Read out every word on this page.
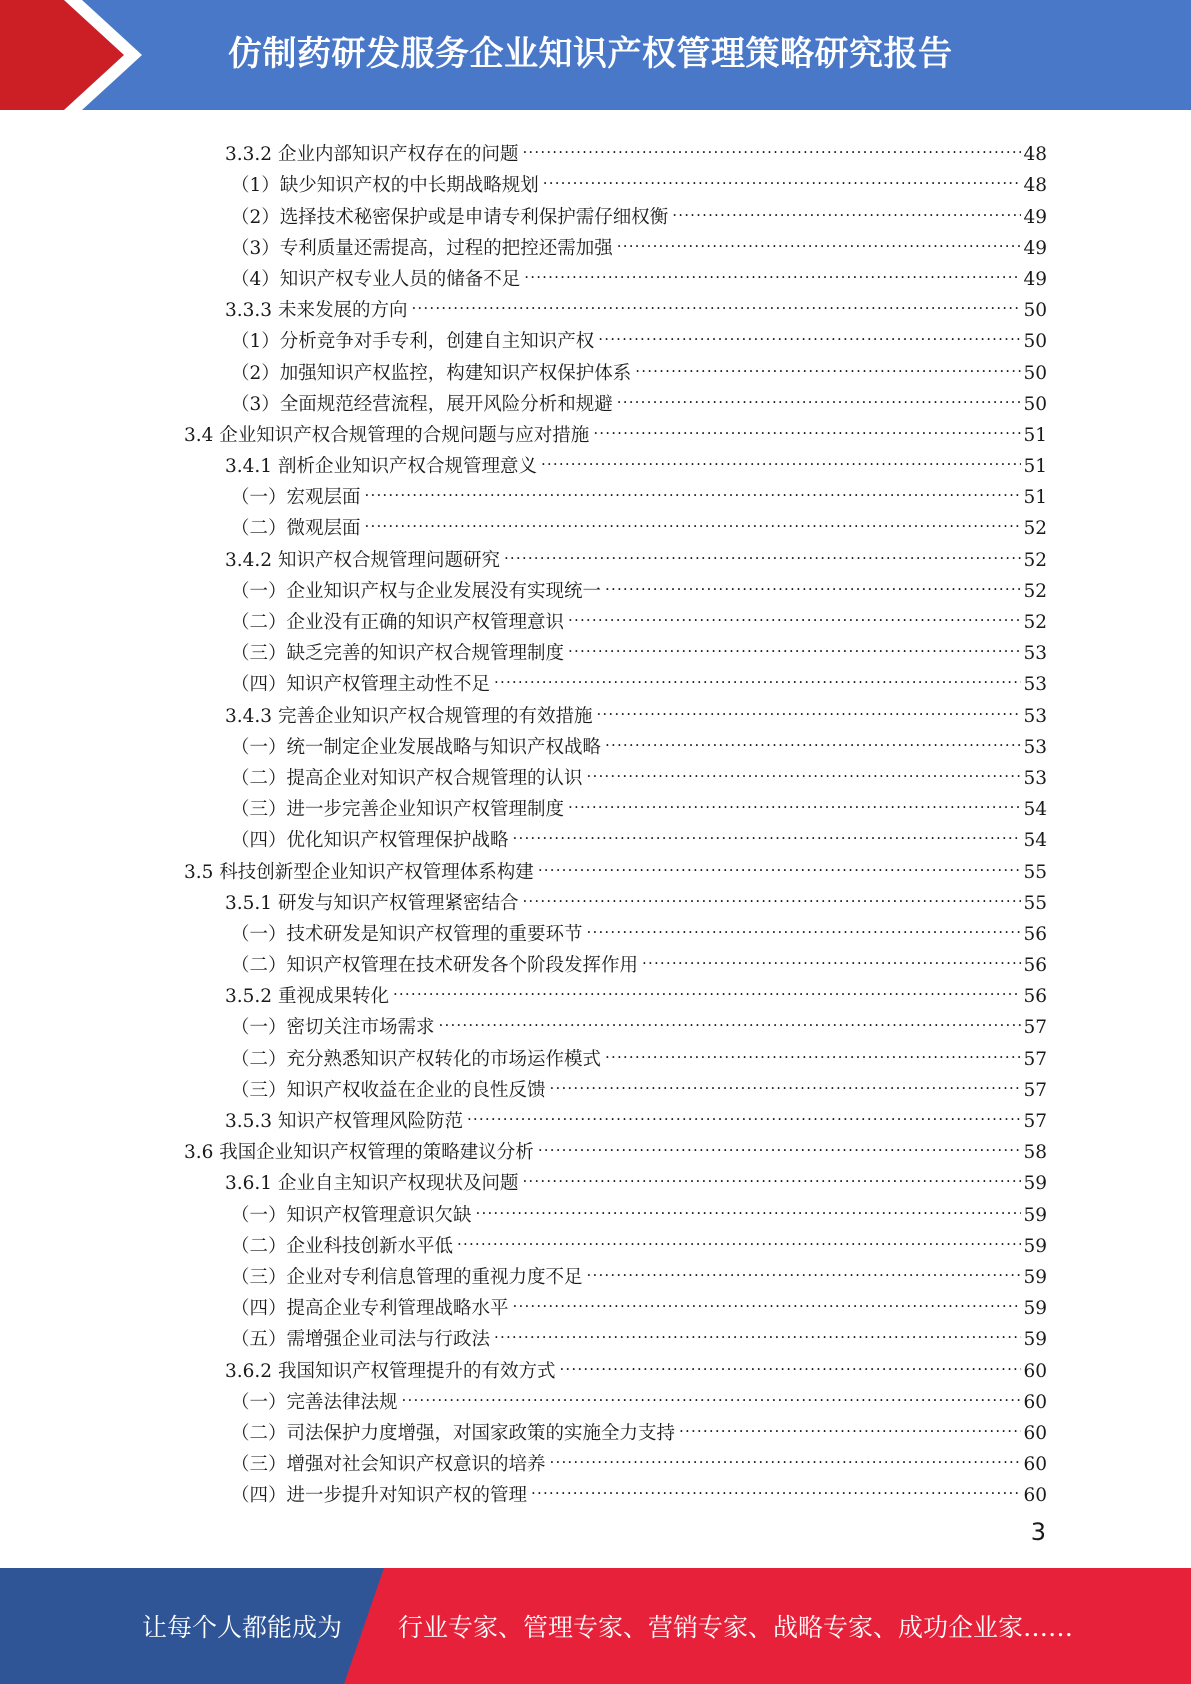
仿制药研发服务企业知识产权管理策略研究报告
3.3.2 企业内部知识产权存在的问题 .....	48
（1）缺少知识产权的中长期战略规划 .....	48
（2）选择技术秘密保护或是申请专利保护需仔细权衡 .....	49
（3）专利质量还需提高，过程的把控还需加强 .....	49
（4）知识产权专业人员的储备不足 .....	49
3.3.3 未来发展的方向 .....	50
（1）分析竞争对手专利，创建自主知识产权 .....	50
（2）加强知识产权监控，构建知识产权保护体系 .....	50
（3）全面规范经营流程，展开风险分析和规避 .....	50
3.4 企业知识产权合规管理的合规问题与应对措施 .....	51
3.4.1 剖析企业知识产权合规管理意义 .....	51
（一）宏观层面 .....	51
（二）微观层面 .....	52
3.4.2 知识产权合规管理问题研究 .....	52
（一）企业知识产权与企业发展没有实现统一 .....	52
（二）企业没有正确的知识产权管理意识 .....	52
（三）缺乏完善的知识产权合规管理制度 .....	53
（四）知识产权管理主动性不足 .....	53
3.4.3 完善企业知识产权合规管理的有效措施 .....	53
（一）统一制定企业发展战略与知识产权战略 .....	53
（二）提高企业对知识产权合规管理的认识 .....	53
（三）进一步完善企业知识产权管理制度 .....	54
（四）优化知识产权管理保护战略 .....	54
3.5 科技创新型企业知识产权管理体系构建 .....	55
3.5.1 研发与知识产权管理紧密结合 .....	55
（一）技术研发是知识产权管理的重要环节 .....	56
（二）知识产权管理在技术研发各个阶段发挥作用 .....	56
3.5.2 重视成果转化 .....	56
（一）密切关注市场需求 .....	57
（二）充分熟悉知识产权转化的市场运作模式 .....	57
（三）知识产权收益在企业的良性反馈 .....	57
3.5.3 知识产权管理风险防范 .....	57
3.6 我国企业知识产权管理的策略建议分析 .....	58
3.6.1 企业自主知识产权现状及问题 .....	59
（一）知识产权管理意识欠缺 .....	59
（二）企业科技创新水平低 .....	59
（三）企业对专利信息管理的重视力度不足 .....	59
（四）提高企业专利管理战略水平 .....	59
（五）需增强企业司法与行政法 .....	59
3.6.2 我国知识产权管理提升的有效方式 .....	60
（一）完善法律法规 .....	60
（二）司法保护力度增强，对国家政策的实施全力支持 .....	60
（三）增强对社会知识产权意识的培养 .....	60
（四）进一步提升对知识产权的管理 .....	60
3
让每个人都能成为 行业专家、管理专家、营销专家、战略专家、成功企业家……
